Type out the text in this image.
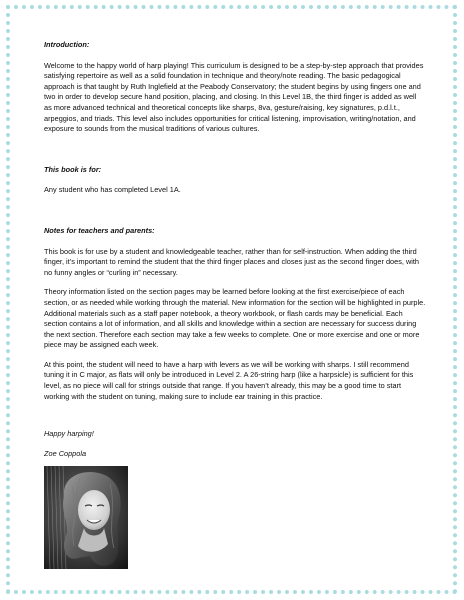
Introduction:

Welcome to the happy world of harp playing! This curriculum is designed to be a step-by-step approach that provides satisfying repertoire as well as a solid foundation in technique and theory/note reading. The basic pedagogical approach is that taught by Ruth Inglefield at the Peabody Conservatory; the student begins by using fingers one and two in order to develop secure hand position, placing, and closing. In this Level 1B, the third finger is added as well as more advanced technical and theoretical concepts like sharps, 8va, gesture/raising, key signatures, p.d.l.t., arpeggios, and triads. This level also includes opportunities for critical listening, improvisation, writing/notation, and exposure to sounds from the musical traditions of various cultures.

This book is for:

Any student who has completed Level 1A.

Notes for teachers and parents:

This book is for use by a student and knowledgeable teacher, rather than for self-instruction. When adding the third finger, it’s important to remind the student that the third finger places and closes just as the second finger does, with no funny angles or “curling in” necessary.

Theory information listed on the section pages may be learned before looking at the first exercise/piece of each section, or as needed while working through the material. New information for the section will be highlighted in purple. Additional materials such as a staff paper notebook, a theory workbook, or flash cards may be beneficial. Each section contains a lot of information, and all skills and knowledge within a section are necessary for success during the next section. Therefore each section may take a few weeks to complete. One or more exercise and one or more piece may be assigned each week.

At this point, the student will need to have a harp with levers as we will be working with sharps. I still recommend tuning it in C major, as flats will only be introduced in Level 2. A 26-string harp (like a harpsicle) is sufficient for this level, as no piece will call for strings outside that range. If you haven’t already, this may be a good time to start working with the student on tuning, making sure to include ear training in this practice.

Happy harping!
Zoe Coppola
